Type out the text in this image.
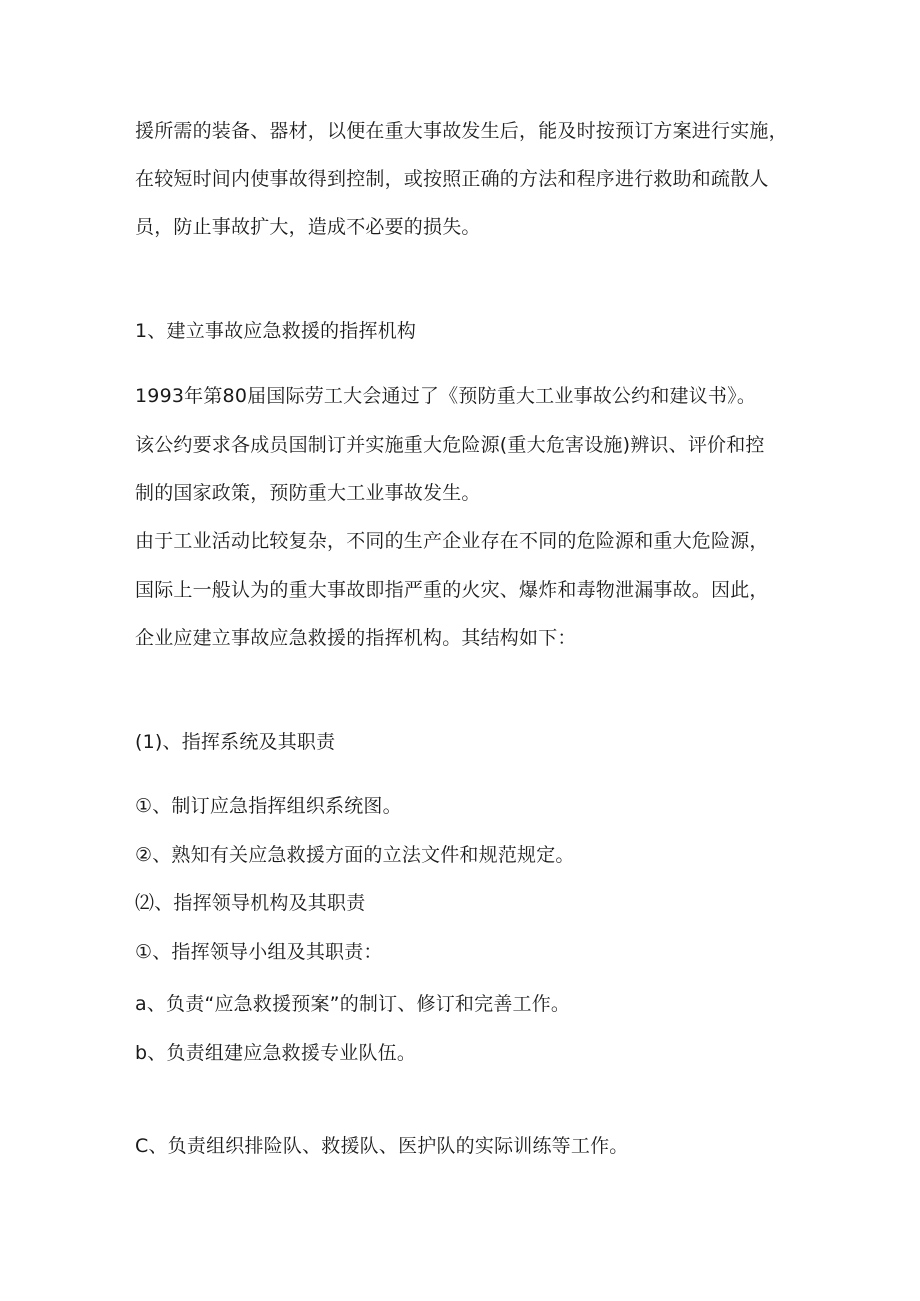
援所需的装备、器材，以便在重大事故发生后，能及时按预订方案进行实施，
在较短时间内使事故得到控制，或按照正确的方法和程序进行救助和疏散人
员，防止事故扩大，造成不必要的损失。
1、建立事故应急救援的指挥机构
1993年第80届国际劳工大会通过了《预防重大工业事故公约和建议书》。
该公约要求各成员国制订并实施重大危险源(重大危害设施)辨识、评价和控
制的国家政策，预防重大工业事故发生。
由于工业活动比较复杂，不同的生产企业存在不同的危险源和重大危险源，
国际上一般认为的重大事故即指严重的火灾、爆炸和毒物泄漏事故。因此，
企业应建立事故应急救援的指挥机构。其结构如下：
(1)、指挥系统及其职责
①、制订应急指挥组织系统图。
②、熟知有关应急救援方面的立法文件和规范规定。
⑵、指挥领导机构及其职责
①、指挥领导小组及其职责：
a、负责“应急救援预案”的制订、修订和完善工作。
b、负责组建应急救援专业队伍。
C、负责组织排险队、救援队、医护队的实际训练等工作。
